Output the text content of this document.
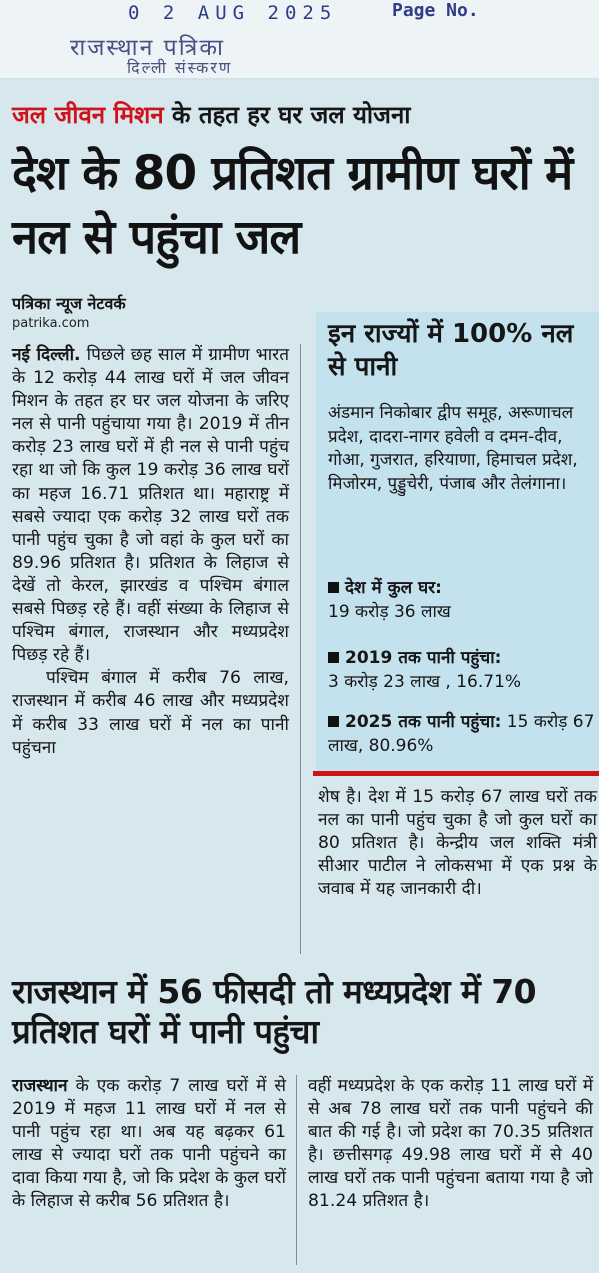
0 2 AUG 2025	Page No.
राजस्थान पत्रिका
दिल्ली संस्करण
जल जीवन मिशन के तहत हर घर जल योजना
देश के 80 प्रतिशत ग्रामीण घरों में नल से पहुंचा जल
पत्रिका न्यूज नेटवर्क
patrika.com

नई दिल्ली. पिछले छह साल में ग्रामीण भारत के 12 करोड़ 44 लाख घरों में जल जीवन मिशन के तहत हर घर जल योजना के जरिए नल से पानी पहुंचाया गया है। 2019 में तीन करोड़ 23 लाख घरों में ही नल से पानी पहुंच रहा था जो कि कुल 19 करोड़ 36 लाख घरों का महज 16.71 प्रतिशत था। महाराष्ट्र में सबसे ज्यादा एक करोड़ 32 लाख घरों तक पानी पहुंच चुका है जो वहां के कुल घरों का 89.96 प्रतिशत है। प्रतिशत के लिहाज से देखें तो केरल, झारखंड व पश्चिम बंगाल सबसे पिछड़ रहे हैं। वहीं संख्या के लिहाज से पश्चिम बंगाल, राजस्थान और मध्यप्रदेश पिछड़ रहे हैं।

पश्चिम बंगाल में करीब 76 लाख, राजस्थान में करीब 46 लाख और मध्यप्रदेश में करीब 33 लाख घरों में नल का पानी पहुंचना

इन राज्यों में 100% नल से पानी
अंडमान निकोबार द्वीप समूह, अरूणाचल प्रदेश, दादरा-नागर हवेली व दमन-दीव, गोआ, गुजरात, हरियाणा, हिमाचल प्रदेश, मिजोरम, पुड्डुचेरी, पंजाब और तेलंगाना।
देश में कुल घर:
19 करोड़ 36 लाख
2019 तक पानी पहुंचा:
3 करोड़ 23 लाख , 16.71%
2025 तक पानी पहुंचा: 15 करोड़ 67 लाख, 80.96%

शेष है। देश में 15 करोड़ 67 लाख घरों तक नल का पानी पहुंच चुका है जो कुल घरों का 80 प्रतिशत है। केन्द्रीय जल शक्ति मंत्री सीआर पाटील ने लोकसभा में एक प्रश्न के जवाब में यह जानकारी दी।

राजस्थान में 56 फीसदी तो मध्यप्रदेश में 70 प्रतिशत घरों में पानी पहुंचा

राजस्थान के एक करोड़ 7 लाख घरों में से 2019 में महज 11 लाख घरों में नल से पानी पहुंच रहा था। अब यह बढ़कर 61 लाख से ज्यादा घरों तक पानी पहुंचने का दावा किया गया है, जो कि प्रदेश के कुल घरों के लिहाज से करीब 56 प्रतिशत है।

वहीं मध्यप्रदेश के एक करोड़ 11 लाख घरों में से अब 78 लाख घरों तक पानी पहुंचने की बात की गई है। जो प्रदेश का 70.35 प्रतिशत है। छत्तीसगढ़ 49.98 लाख घरों में से 40 लाख घरों तक पानी पहुंचना बताया गया है जो 81.24 प्रतिशत है।
